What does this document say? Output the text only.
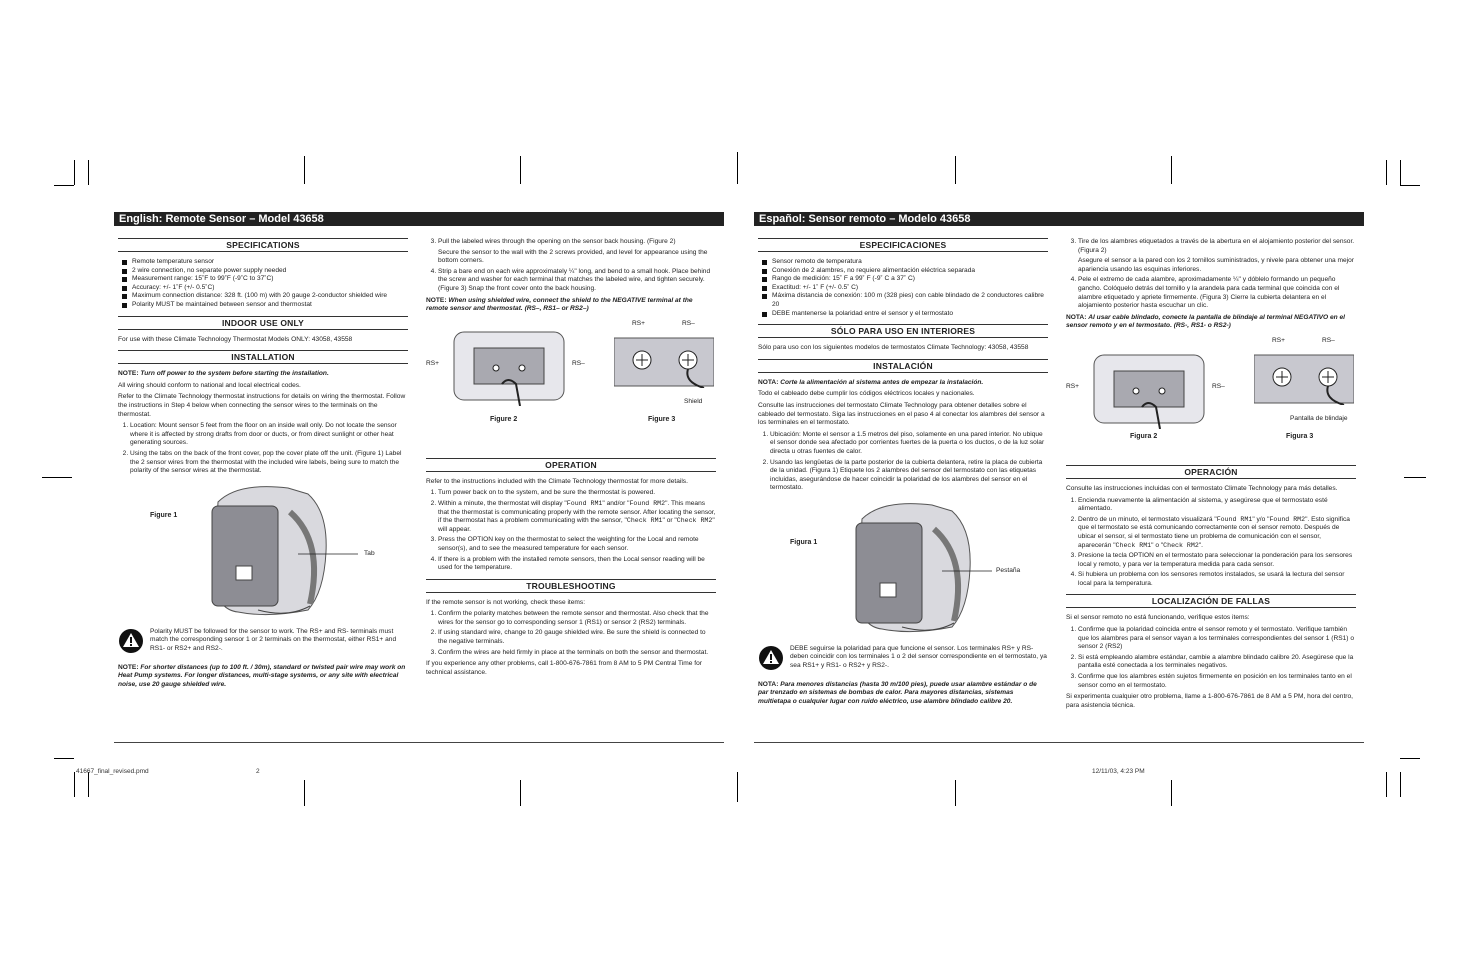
41667_final_revised.pmd	2	12/11/03, 4:23 PM
English: Remote Sensor – Model 43658
SPECIFICATIONS
Remote temperature sensor
2 wire connection, no separate power supply needed
Measurement range: 15˚F to 99˚F (-9˚C to 37˚C)
Accuracy: +/- 1˚F (+/- 0.5˚C)
Maximum connection distance: 328 ft. (100 m) with 20 gauge 2-conductor shielded wire
Polarity MUST be maintained between sensor and thermostat
INDOOR USE ONLY

For use with these Climate Technology Thermostat Models ONLY: 43058, 43558

INSTALLATION

NOTE: Turn off power to the system before starting the installation.

All wiring should conform to national and local electrical codes.

Refer to the Climate Technology thermostat instructions for details on wiring the thermostat. Follow the instructions in Step 4 below when connecting the sensor wires to the terminals on the thermostat.

1. Location: Mount sensor 5 feet from the floor on an inside wall only. Do not locate the sensor where it is affected by strong drafts from door or ducts, or from direct sunlight or other heat generating sources.
2. Using the tabs on the back of the front cover, pop the cover plate off the unit. (Figure 1) Label the 2 sensor wires from the thermostat with the included wire labels, being sure to match the polarity of the sensor wires at the thermostat.
Figure 1
Tab

Polarity MUST be followed for the sensor to work. The RS+ and RS- terminals must match the corresponding sensor 1 or 2 terminals on the thermostat, either RS1+ and RS1- or RS2+ and RS2-.

NOTE: For shorter distances (up to 100 ft. / 30m), standard or twisted pair wire may work on Heat Pump systems. For longer distances, multi-stage systems, or any site with electrical noise, use 20 gauge shielded wire.

3. Pull the labeled wires through the opening on the sensor back housing. (Figure 2)

Secure the sensor to the wall with the 2 screws provided, and level for appearance using the bottom corners.

4. Strip a bare end on each wire approximately ¼" long, and bend to a small hook. Place behind the screw and washer for each terminal that matches the labeled wire, and tighten securely. (Figure 3) Snap the front cover onto the back housing.

NOTE: When using shielded wire, connect the shield to the NEGATIVE terminal at the remote sensor and thermostat. (RS–, RS1– or RS2–)

RS+	RS–
RS+	RS–
Shield
Figure 2	Figure 3
OPERATION

Refer to the instructions included with the Climate Technology thermostat for more details.

1. Turn power back on to the system, and be sure the thermostat is powered.
2. Within a minute, the thermostat will display "Found RM1" and/or "Found RM2". This means that the thermostat is communicating properly with the remote sensor. After locating the sensor, if the thermostat has a problem communicating with the sensor, "Check RM1" or "Check RM2" will appear.
3. Press the OPTION key on the thermostat to select the weighting for the Local and remote sensor(s), and to see the measured temperature for each sensor.
4. If there is a problem with the installed remote sensors, then the Local sensor reading will be used for the temperature.
TROUBLESHOOTING

If the remote sensor is not working, check these items:

1. Confirm the polarity matches between the remote sensor and thermostat. Also check that the wires for the sensor go to corresponding sensor 1 (RS1) or sensor 2 (RS2) terminals.
2. If using standard wire, change to 20 gauge shielded wire. Be sure the shield is connected to the negative terminals.
3. Confirm the wires are held firmly in place at the terminals on both the sensor and thermostat.

If you experience any other problems, call 1-800-676-7861 from 8 AM to 5 PM Central Time for technical assistance.

Español: Sensor remoto – Modelo 43658
ESPECIFICACIONES
Sensor remoto de temperatura
Conexión de 2 alambres, no requiere alimentación eléctrica separada
Rango de medición: 15˚ F a 99˚ F (-9˚ C a 37˚ C)
Exactitud: +/- 1˚ F (+/- 0.5˚ C)
Máxima distancia de conexión: 100 m (328 pies) con cable blindado de 2 conductores calibre 20
DEBE mantenerse la polaridad entre el sensor y el termostato
SÓLO PARA USO EN INTERIORES

Sólo para uso con los siguientes modelos de termostatos Climate Technology: 43058, 43558

INSTALACIÓN

NOTA: Corte la alimentación al sistema antes de empezar la instalación.

Todo el cableado debe cumplir los códigos eléctricos locales y nacionales.

Consulte las instrucciones del termostato Climate Technology para obtener detalles sobre el cableado del termostato. Siga las instrucciones en el paso 4 al conectar los alambres del sensor a los terminales en el termostato.

1. Ubicación: Monte el sensor a 1.5 metros del piso, solamente en una pared interior. No ubique el sensor donde sea afectado por corrientes fuertes de la puerta o los ductos, o de la luz solar directa u otras fuentes de calor.
2. Usando las lengüetas de la parte posterior de la cubierta delantera, retire la placa de cubierta de la unidad. (Figura 1) Etiquete los 2 alambres del sensor del termostato con las etiquetas incluidas, asegurándose de hacer coincidir la polaridad de los alambres del sensor en el termostato.
Figura 1
Pestaña

DEBE seguirse la polaridad para que funcione el sensor. Los terminales RS+ y RS- deben coincidir con los terminales 1 o 2 del sensor correspondiente en el termostato, ya sea RS1+ y RS1- o RS2+ y RS2-.

NOTA: Para menores distancias (hasta 30 m/100 pies), puede usar alambre estándar o de par trenzado en sistemas de bombas de calor. Para mayores distancias, sistemas multietapa o cualquier lugar con ruido eléctrico, use alambre blindado calibre 20.

3. Tire de los alambres etiquetados a través de la abertura en el alojamiento posterior del sensor. (Figura 2)

Asegure el sensor a la pared con los 2 tornillos suministrados, y nivele para obtener una mejor apariencia usando las esquinas inferiores.

4. Pele el extremo de cada alambre, aproximadamente ¼" y dóblelo formando un pequeño gancho. Colóquelo detrás del tornillo y la arandela para cada terminal que coincida con el alambre etiquetado y apriete firmemente. (Figura 3) Cierre la cubierta delantera en el alojamiento posterior hasta escuchar un clic.

NOTA: Al usar cable blindado, conecte la pantalla de blindaje al terminal NEGATIVO en el sensor remoto y en el termostato. (RS-, RS1- o RS2-)

RS+	RS–
RS+	RS–
Pantalla de blindaje
Figura 2	Figura 3
OPERACIÓN

Consulte las instrucciones incluidas con el termostato Climate Technology para más detalles.

1. Encienda nuevamente la alimentación al sistema, y asegúrese que el termostato esté alimentado.
2. Dentro de un minuto, el termostato visualizará "Found RM1" y/o "Found RM2". Esto significa que el termostato se está comunicando correctamente con el sensor remoto. Después de ubicar el sensor, si el termostato tiene un problema de comunicación con el sensor, aparecerán "Check RM1" o "Check RM2".
3. Presione la tecla OPTION en el termostato para seleccionar la ponderación para los sensores local y remoto, y para ver la temperatura medida para cada sensor.
4. Si hubiera un problema con los sensores remotos instalados, se usará la lectura del sensor local para la temperatura.
LOCALIZACIÓN DE FALLAS

Si el sensor remoto no está funcionando, verifique estos items:

1. Confirme que la polaridad coincida entre el sensor remoto y el termostato. Verifique también que los alambres para el sensor vayan a los terminales correspondientes del sensor 1 (RS1) o sensor 2 (RS2)
2. Si está empleando alambre estándar, cambie a alambre blindado calibre 20. Asegúrese que la pantalla esté conectada a los terminales negativos.
3. Confirme que los alambres estén sujetos firmemente en posición en los terminales tanto en el sensor como en el termostato.

Si experimenta cualquier otro problema, llame a 1-800-676-7861 de 8 AM a 5 PM, hora del centro, para asistencia técnica.
